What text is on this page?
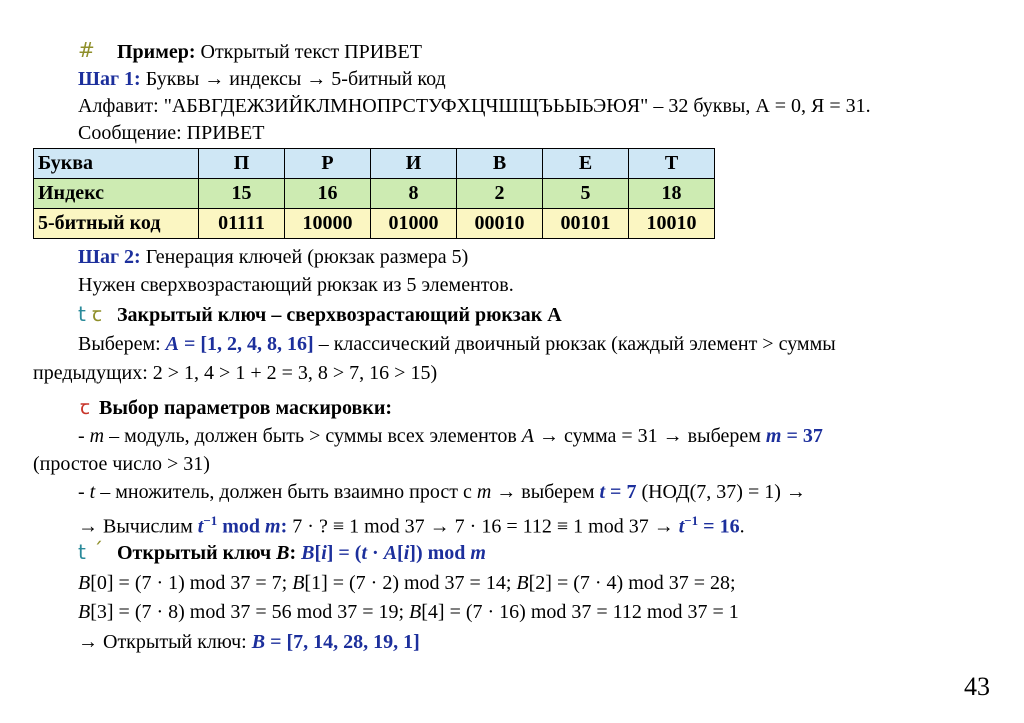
#
t ꞇ
ꞇ
t ˊ
Пример: Открытый текст ПРИВЕТ
Шаг 1: Буквы → индексы → 5-битный код
Алфавит: "АБВГДЕЖЗИЙКЛМНОПРСТУФХЦЧШЩЪЬЫЬЭЮЯ" – 32 буквы, А = 0, Я = 31.
Сообщение: ПРИВЕТ
Буква	П	Р	И	В	Е	Т
Индекс	15	16	8	2	5	18
5-битный код	01111	10000	01000	00010	00101	10010
Шаг 2: Генерация ключей (рюкзак размера 5)
Нужен сверхвозрастающий рюкзак из 5 элементов.
Закрытый ключ – сверхвозрастающий рюкзак A
Выберем: A = [1, 2, 4, 8, 16] – классический двоичный рюкзак (каждый элемент > суммы
предыдущих: 2 > 1, 4 > 1 + 2 = 3, 8 > 7, 16 > 15)
Выбор параметров маскировки:
- m – модуль, должен быть > суммы всех элементов A → сумма = 31 → выберем m = 37
(простое число > 31)
- t – множитель, должен быть взаимно прост с m → выберем t = 7 (НОД(7, 37) = 1) →
→ Вычислим $t^{-1}$ mod m: 7 · ? ≡ 1 mod 37 → 7 · 16 = 112 ≡ 1 mod $37 \to t^{-1} = 16$.
Открытый ключ B: B[i] = (t · A[i]) mod m
B[0] = (7 · 1) mod 37 = 7; B[1] = (7 · 2) mod 37 = 14; B[2] = (7 · 4) mod 37 = 28;
B[3] = (7 · 8) mod 37 = 56 mod 37 = 19; B[4] = (7 · 16) mod 37 = 112 mod 37 = 1
→ Открытый ключ: B = [7, 14, 28, 19, 1]
43
